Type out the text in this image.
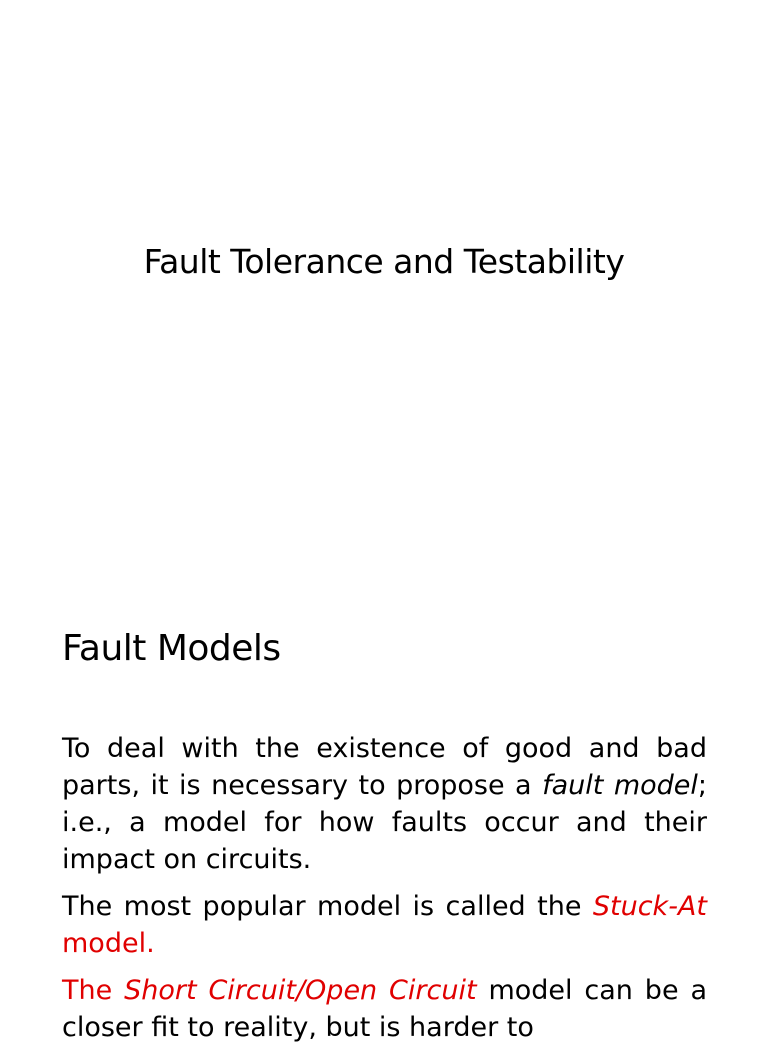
Fault Tolerance and Testability
Fault Models

To deal with the existence of good and bad parts, it is necessary to propose a fault model; i.e., a model for how faults occur and their impact on circuits.

The most popular model is called the Stuck-At model.

The Short Circuit/Open Circuit model can be a closer fit to reality, but is harder to
